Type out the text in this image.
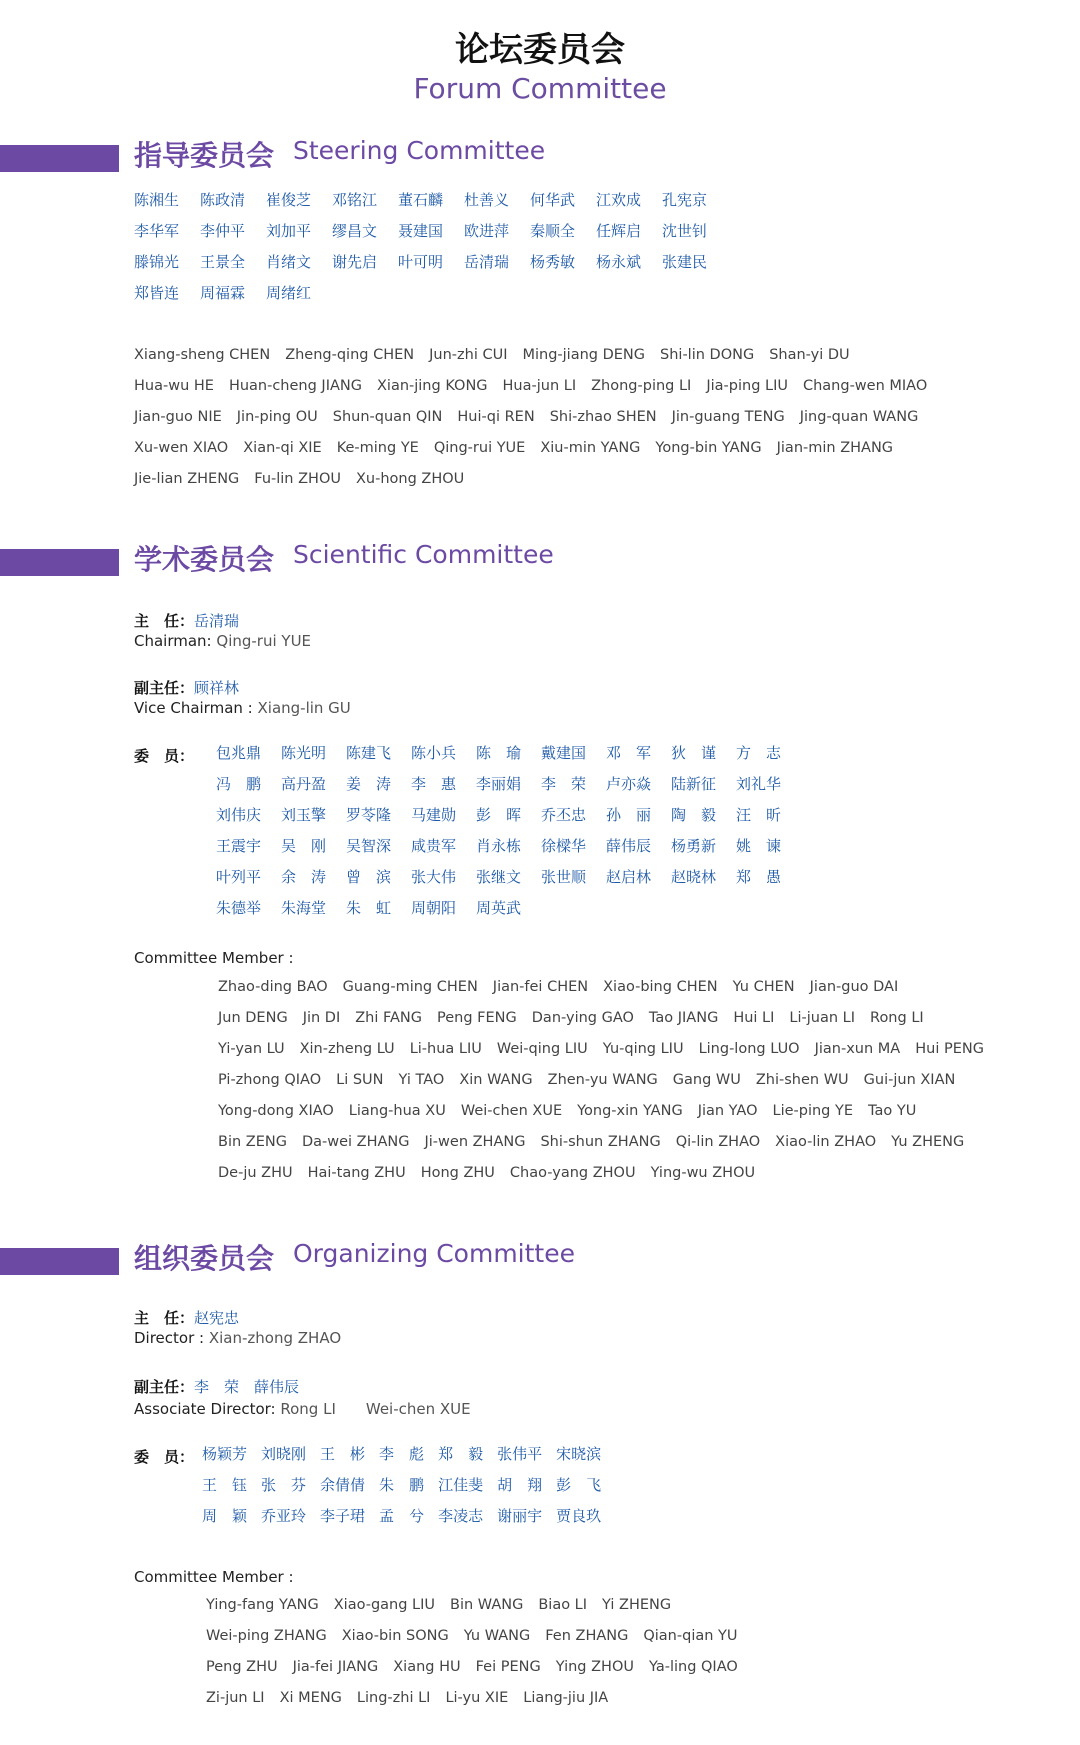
论坛委员会
Forum Committee
指导委员会 Steering Committee
陈湘生	陈政清	崔俊芝	邓铭江	董石麟	杜善义	何华武	江欢成	孔宪京
李华军	李仲平	刘加平	缪昌文	聂建国	欧进萍	秦顺全	任辉启	沈世钊
滕锦光	王景全	肖绪文	谢先启	叶可明	岳清瑞	杨秀敏	杨永斌	张建民
郑皆连	周福霖	周绪红
Xiang-sheng CHEN Zheng-qing CHEN Jun-zhi CUI Ming-jiang DENG Shi-lin DONG Shan-yi DU
Hua-wu HE Huan-cheng JIANG Xian-jing KONG Hua-jun LI Zhong-ping LI Jia-ping LIU Chang-wen MIAO
Jian-guo NIE Jin-ping OU Shun-quan QIN Hui-qi REN Shi-zhao SHEN Jin-guang TENG Jing-quan WANG
Xu-wen XIAO Xian-qi XIE Ke-ming YE Qing-rui YUE Xiu-min YANG Yong-bin YANG Jian-min ZHANG
Jie-lian ZHENG Fu-lin ZHOU Xu-hong ZHOU
学术委员会 Scientific Committee
主　任：岳清瑞
Chairman: Qing-rui YUE
副主任：顾祥林
Vice Chairman : Xiang-lin GU
委　员： 包兆鼎	陈光明	陈建飞	陈小兵	陈　瑜	戴建国	邓　军	狄　谨	方　志
冯　鹏	高丹盈	姜　涛	李　惠	李丽娟	李　荣	卢亦焱	陆新征	刘礼华
刘伟庆	刘玉擎	罗苓隆	马建勋	彭　晖	乔丕忠	孙　丽	陶　毅	汪　昕
王震宇	吴　刚	吴智深	咸贵军	肖永栋	徐樑华	薛伟辰	杨勇新	姚　谏
叶列平	余　涛	曾　滨	张大伟	张继文	张世顺	赵启林	赵晓林	郑　愚
朱德举	朱海堂	朱　虹	周朝阳	周英武
Committee Member :
Zhao-ding BAO Guang-ming CHEN Jian-fei CHEN Xiao-bing CHEN Yu CHEN Jian-guo DAI
Jun DENG Jin DI Zhi FANG Peng FENG Dan-ying GAO Tao JIANG Hui LI Li-juan LI Rong LI
Yi-yan LU Xin-zheng LU Li-hua LIU Wei-qing LIU Yu-qing LIU Ling-long LUO Jian-xun MA Hui PENG
Pi-zhong QIAO Li SUN Yi TAO Xin WANG Zhen-yu WANG Gang WU Zhi-shen WU Gui-jun XIAN
Yong-dong XIAO Liang-hua XU Wei-chen XUE Yong-xin YANG Jian YAO Lie-ping YE Tao YU
Bin ZENG Da-wei ZHANG Ji-wen ZHANG Shi-shun ZHANG Qi-lin ZHAO Xiao-lin ZHAO Yu ZHENG
De-ju ZHU Hai-tang ZHU Hong ZHU Chao-yang ZHOU Ying-wu ZHOU
组织委员会 Organizing Committee
主　任：赵宪忠
Director : Xian-zhong ZHAO
副主任：李　荣　薛伟辰
Associate Director: Rong LI　　Wei-chen XUE
委　员： 杨颖芳 刘晓刚 王　彬 李　彪 郑　毅 张伟平 宋晓滨
王　钰 张　芬 余倩倩 朱　鹏 江佳斐 胡　翔 彭　飞
周　颖 乔亚玲 李子珺 孟　兮 李凌志 谢丽宇 贾良玖
Committee Member :
Ying-fang YANG Xiao-gang LIU Bin WANG Biao LI Yi ZHENG
Wei-ping ZHANG Xiao-bin SONG Yu WANG Fen ZHANG Qian-qian YU
Peng ZHU Jia-fei JIANG Xiang HU Fei PENG Ying ZHOU Ya-ling QIAO
Zi-jun LI Xi MENG Ling-zhi LI Li-yu XIE Liang-jiu JIA
